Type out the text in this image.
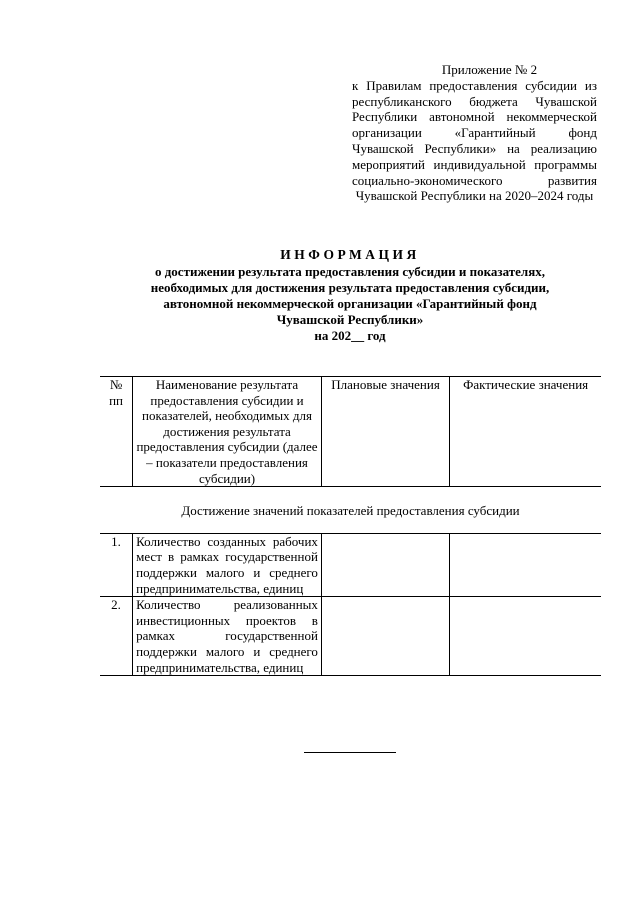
Приложение № 2
к Правилам предоставления субсидии из республиканского бюджета Чувашской Республики автономной некоммерческой организации «Гарантийный фонд Чувашской Республики» на реализацию мероприятий индивидуальной программы социально-экономического развития Чувашской Республики на 2020–2024 годы
ИНФОРМАЦИЯ
о достижении результата предоставления субсидии и показателях,
необходимых для достижения результата предоставления субсидии,
автономной некоммерческой организации «Гарантийный фонд
Чувашской Республики»
на 202__ год
№ пп	Наименование результата предоставления субсидии и показателей, необходимых для достижения результата предоставления субсидии (далее – показатели предоставления субсидии)	Плановые значения	Фактические значения
Достижение значений показателей предоставления субсидии			
1.	Количество созданных рабочих мест в рамках государственной поддержки малого и среднего предпринимательства, единиц		
2.	Количество реализованных инвестиционных проектов в рамках государственной поддержки малого и среднего предпринимательства, единиц		
